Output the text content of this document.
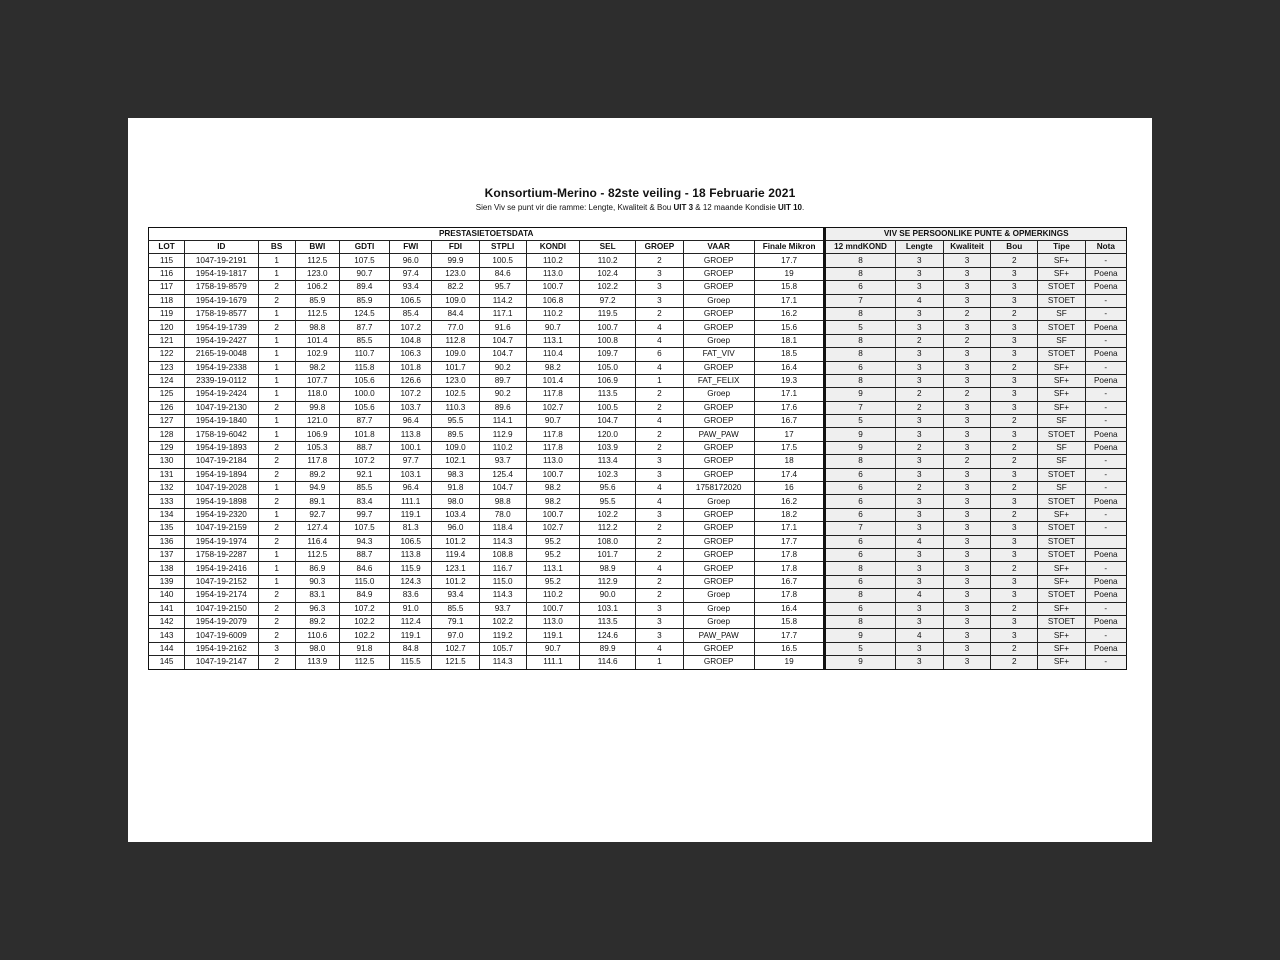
Konsortium-Merino - 82ste veiling - 18 Februarie 2021
Sien Viv se punt vir die ramme: Lengte, Kwaliteit & Bou UIT 3 & 12 maande Kondisie UIT 10.
PRESTASIETOETSDATA													VIV SE PERSOONLIKE PUNTE & OPMERKINGS					
LOT	ID	BS	BWI	GDTI	FWI	FDI	STPLI	KONDI	SEL	GROEP	VAAR	Finale Mikron	12 mndKOND	Lengte	Kwaliteit	Bou	Tipe	Nota
115	1047-19-2191	1	112.5	107.5	96.0	99.9	100.5	110.2	110.2	2	GROEP	17.7	8	3	3	2	SF+	-
116	1954-19-1817	1	123.0	90.7	97.4	123.0	84.6	113.0	102.4	3	GROEP	19	8	3	3	3	SF+	Poena
117	1758-19-8579	2	106.2	89.4	93.4	82.2	95.7	100.7	102.2	3	GROEP	15.8	6	3	3	3	STOET	Poena
118	1954-19-1679	2	85.9	85.9	106.5	109.0	114.2	106.8	97.2	3	Groep	17.1	7	4	3	3	STOET	-
119	1758-19-8577	1	112.5	124.5	85.4	84.4	117.1	110.2	119.5	2	GROEP	16.2	8	3	2	2	SF	-
120	1954-19-1739	2	98.8	87.7	107.2	77.0	91.6	90.7	100.7	4	GROEP	15.6	5	3	3	3	STOET	Poena
121	1954-19-2427	1	101.4	85.5	104.8	112.8	104.7	113.1	100.8	4	Groep	18.1	8	2	2	3	SF	-
122	2165-19-0048	1	102.9	110.7	106.3	109.0	104.7	110.4	109.7	6	FAT_VIV	18.5	8	3	3	3	STOET	Poena
123	1954-19-2338	1	98.2	115.8	101.8	101.7	90.2	98.2	105.0	4	GROEP	16.4	6	3	3	2	SF+	-
124	2339-19-0112	1	107.7	105.6	126.6	123.0	89.7	101.4	106.9	1	FAT_FELIX	19.3	8	3	3	3	SF+	Poena
125	1954-19-2424	1	118.0	100.0	107.2	102.5	90.2	117.8	113.5	2	Groep	17.1	9	2	2	3	SF+	-
126	1047-19-2130	2	99.8	105.6	103.7	110.3	89.6	102.7	100.5	2	GROEP	17.6	7	2	3	3	SF+	-
127	1954-19-1840	1	121.0	87.7	96.4	95.5	114.1	90.7	104.7	4	GROEP	16.7	5	3	3	2	SF	-
128	1758-19-6042	1	106.9	101.8	113.8	89.5	112.9	117.8	120.0	2	PAW_PAW	17	9	3	3	3	STOET	Poena
129	1954-19-1893	2	105.3	88.7	100.1	109.0	110.2	117.8	103.9	2	GROEP	17.5	9	2	3	2	SF	Poena
130	1047-19-2184	2	117.8	107.2	97.7	102.1	93.7	113.0	113.4	3	GROEP	18	8	3	2	2	SF	-
131	1954-19-1894	2	89.2	92.1	103.1	98.3	125.4	100.7	102.3	3	GROEP	17.4	6	3	3	3	STOET	-
132	1047-19-2028	1	94.9	85.5	96.4	91.8	104.7	98.2	95.6	4	1758172020	16	6	2	3	2	SF	-
133	1954-19-1898	2	89.1	83.4	111.1	98.0	98.8	98.2	95.5	4	Groep	16.2	6	3	3	3	STOET	Poena
134	1954-19-2320	1	92.7	99.7	119.1	103.4	78.0	100.7	102.2	3	GROEP	18.2	6	3	3	2	SF+	-
135	1047-19-2159	2	127.4	107.5	81.3	96.0	118.4	102.7	112.2	2	GROEP	17.1	7	3	3	3	STOET	-
136	1954-19-1974	2	116.4	94.3	106.5	101.2	114.3	95.2	108.0	2	GROEP	17.7	6	4	3	3	STOET	
137	1758-19-2287	1	112.5	88.7	113.8	119.4	108.8	95.2	101.7	2	GROEP	17.8	6	3	3	3	STOET	Poena
138	1954-19-2416	1	86.9	84.6	115.9	123.1	116.7	113.1	98.9	4	GROEP	17.8	8	3	3	2	SF+	-
139	1047-19-2152	1	90.3	115.0	124.3	101.2	115.0	95.2	112.9	2	GROEP	16.7	6	3	3	3	SF+	Poena
140	1954-19-2174	2	83.1	84.9	83.6	93.4	114.3	110.2	90.0	2	Groep	17.8	8	4	3	3	STOET	Poena
141	1047-19-2150	2	96.3	107.2	91.0	85.5	93.7	100.7	103.1	3	Groep	16.4	6	3	3	2	SF+	-
142	1954-19-2079	2	89.2	102.2	112.4	79.1	102.2	113.0	113.5	3	Groep	15.8	8	3	3	3	STOET	Poena
143	1047-19-6009	2	110.6	102.2	119.1	97.0	119.2	119.1	124.6	3	PAW_PAW	17.7	9	4	3	3	SF+	-
144	1954-19-2162	3	98.0	91.8	84.8	102.7	105.7	90.7	89.9	4	GROEP	16.5	5	3	3	2	SF+	Poena
145	1047-19-2147	2	113.9	112.5	115.5	121.5	114.3	111.1	114.6	1	GROEP	19	9	3	3	2	SF+	-
